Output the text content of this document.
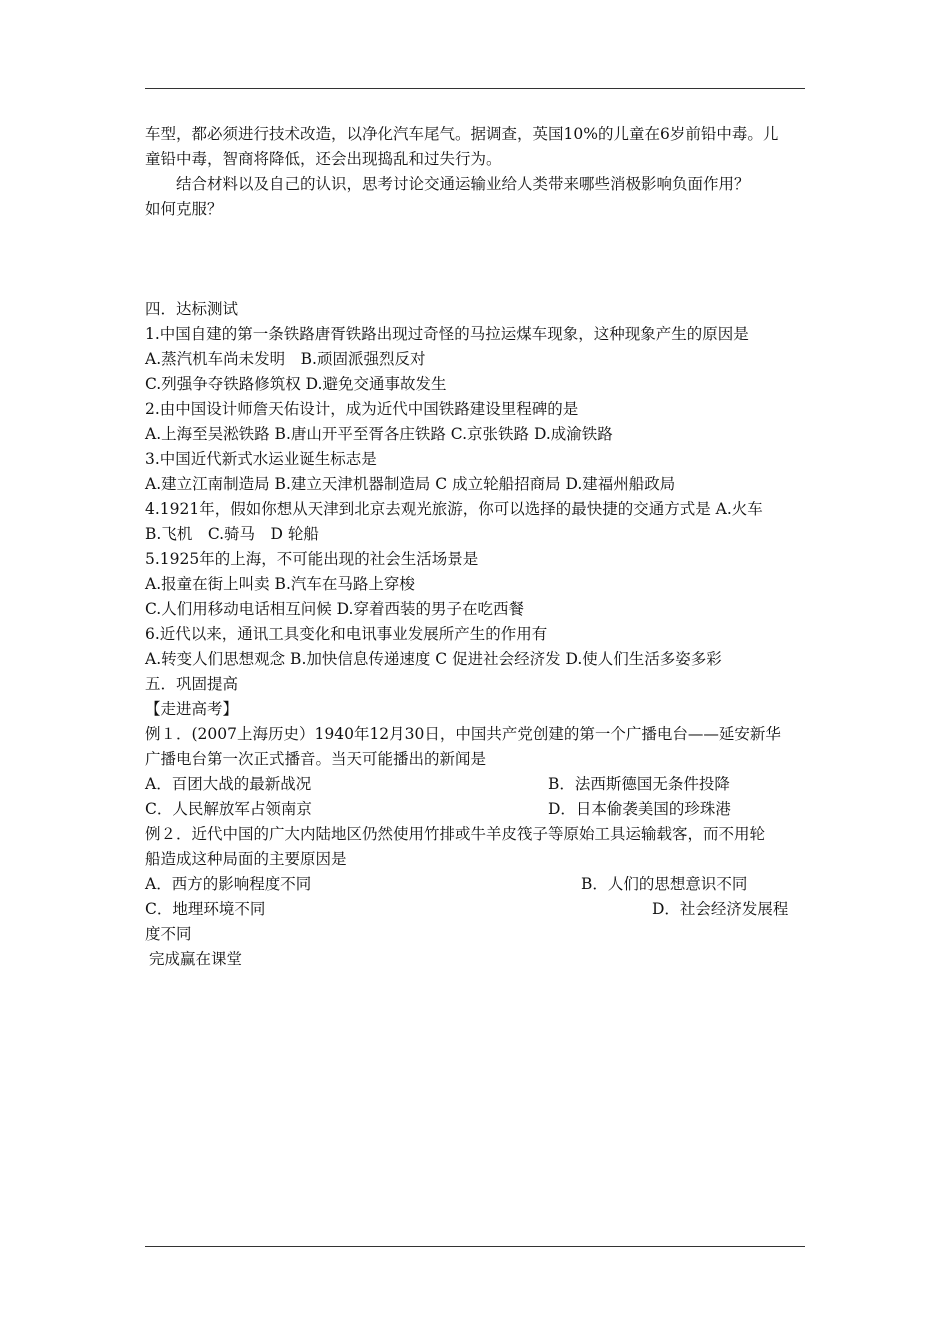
车型，都必须进行技术改造，以净化汽车尾气。据调查，英国10%的儿童在6岁前铅中毒。儿
童铅中毒，智商将降低，还会出现捣乱和过失行为。
结合材料以及自己的认识，思考讨论交通运输业给人类带来哪些消极影响负面作用？
如何克服？
四．达标测试
1.中国自建的第一条铁路唐胥铁路出现过奇怪的马拉运煤车现象，这种现象产生的原因是
A.蒸汽机车尚未发明　B.顽固派强烈反对
C.列强争夺铁路修筑权 D.避免交通事故发生
2.由中国设计师詹天佑设计，成为近代中国铁路建设里程碑的是
A.上海至吴淞铁路 B.唐山开平至胥各庄铁路 C.京张铁路 D.成渝铁路
3.中国近代新式水运业诞生标志是
A.建立江南制造局 B.建立天津机器制造局 C 成立轮船招商局 D.建福州船政局
4.1921年，假如你想从天津到北京去观光旅游，你可以选择的最快捷的交通方式是 A.火车
B.飞机　C.骑马　D 轮船
5.1925年的上海，不可能出现的社会生活场景是
A.报童在街上叫卖 B.汽车在马路上穿梭
C.人们用移动电话相互问候 D.穿着西装的男子在吃西餐
6.近代以来，通讯工具变化和电讯事业发展所产生的作用有
A.转变人们思想观念 B.加快信息传递速度 C 促进社会经济发 D.使人们生活多姿多彩
五．巩固提高
【走进高考】
例１．(2007上海历史）1940年12月30日，中国共产党创建的第一个广播电台——延安新华
广播电台第一次正式播音。当天可能播出的新闻是
A．百团大战的最新战况	B．法西斯德国无条件投降
C．人民解放军占领南京	D．日本偷袭美国的珍珠港
例２．近代中国的广大内陆地区仍然使用竹排或牛羊皮筏子等原始工具运输载客，而不用轮
船造成这种局面的主要原因是
A．西方的影响程度不同	B．人们的思想意识不同
C．地理环境不同	D．社会经济发展程
度不同
完成赢在课堂
